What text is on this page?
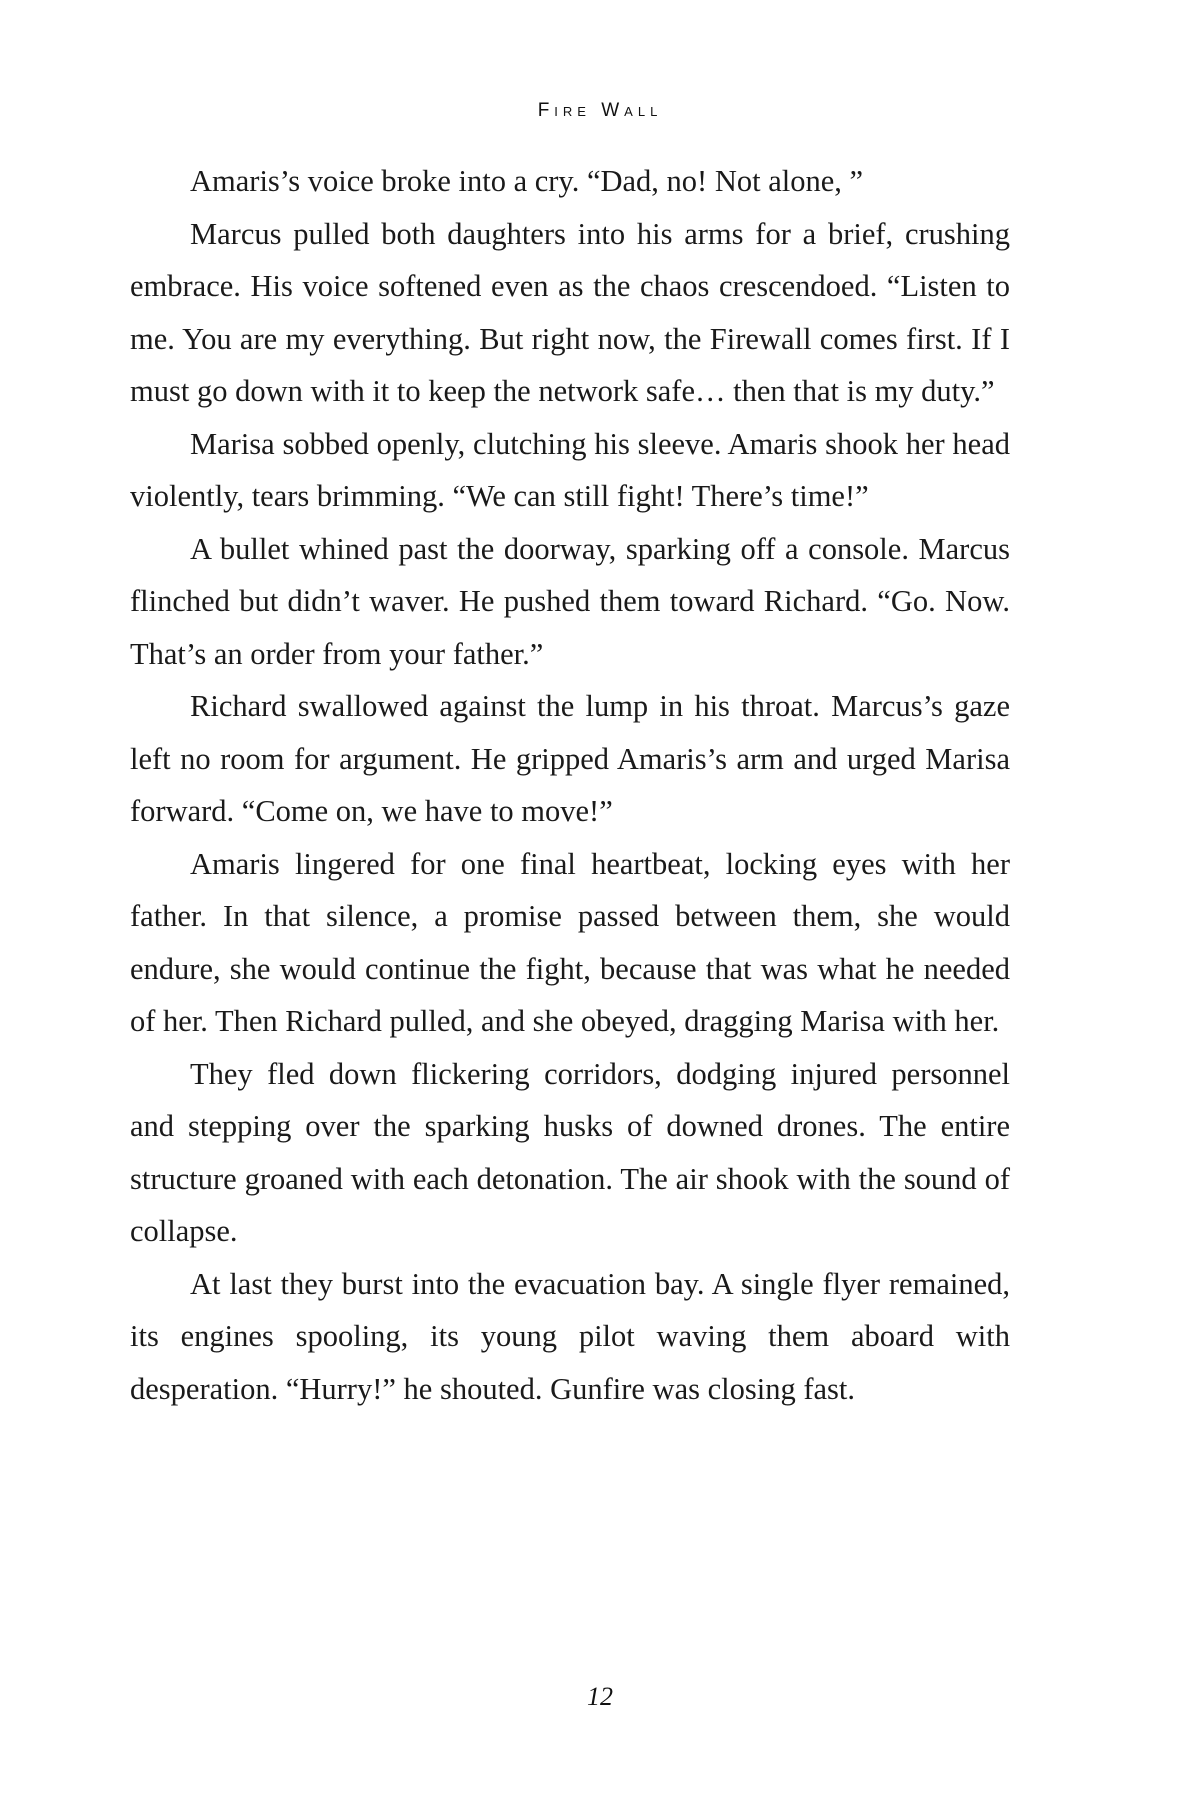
Fire Wall

Amaris’s voice broke into a cry. “Dad, no! Not alone, ”

Marcus pulled both daughters into his arms for a brief, crushing embrace. His voice softened even as the chaos crescendoed. “Listen to me. You are my everything. But right now, the Firewall comes first. If I must go down with it to keep the network safe… then that is my duty.”

Marisa sobbed openly, clutching his sleeve. Amaris shook her head violently, tears brimming. “We can still fight! There’s time!”

A bullet whined past the doorway, sparking off a console. Marcus flinched but didn’t waver. He pushed them toward Richard. “Go. Now. That’s an order from your father.”

Richard swallowed against the lump in his throat. Marcus’s gaze left no room for argument. He gripped Amaris’s arm and urged Marisa forward. “Come on, we have to move!”

Amaris lingered for one final heartbeat, locking eyes with her father. In that silence, a promise passed between them, she would endure, she would continue the fight, because that was what he needed of her. Then Richard pulled, and she obeyed, dragging Marisa with her.

They fled down flickering corridors, dodging injured personnel and stepping over the sparking husks of downed drones. The entire structure groaned with each detonation. The air shook with the sound of collapse.

At last they burst into the evacuation bay. A single flyer remained, its engines spooling, its young pilot waving them aboard with desperation. “Hurry!” he shouted. Gunfire was closing fast.

12
